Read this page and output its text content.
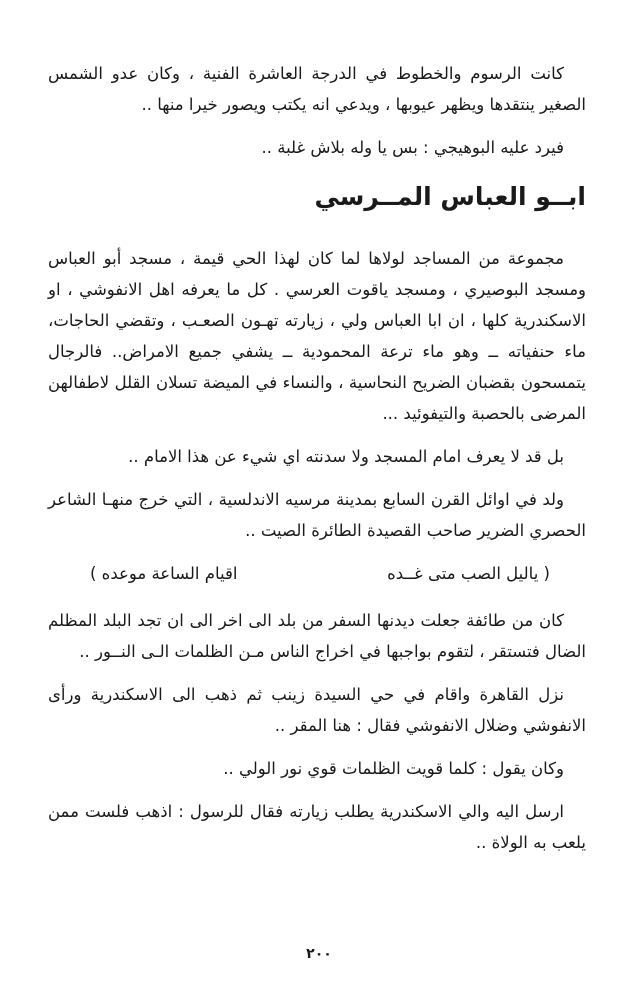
كانت الرسوم والخطوط في الدرجة العاشرة الفنية ، وكان عدو الشمس الصغير ينتقدها ويظهر عيوبها ، ويدعي انه يكتب ويصور خيرا منها ..

فيرد عليه البوهيجي : بس يا وله بلاش غلبة ..

ابــو العباس المــرسي

مجموعة من المساجد لولاها لما كان لهذا الحي قيمة ، مسجد أبو العباس ومسجد البوصيري ، ومسجد ياقوت العرسي . كل ما يعرفه اهل الانفوشي ، او الاسكندرية كلها ، ان ابا العباس ولي ، زيارته تهـون الصعـب ، وتقضي الحاجات، ماء حنفياته ــ وهو ماء ترعة المحمودية ــ يشفي جميع الامراض.. فالرجال يتمسحون بقضبان الضريح النحاسية ، والنساء في الميضة تسلان القلل لاطفالهن المرضى بالحصبة والتيفوئيد ...

بل قد لا يعرف امام المسجد ولا سدنته اي شيء عن هذا الامام ..

ولد في اوائل القرن السابع بمدينة مرسيه الاندلسية ، التي خرج منهـا الشاعر الحصري الضرير صاحب القصيدة الطائرة الصيت ..

( ياليل الصب متى غــده
اقيام الساعة موعده )

كان من طائفة جعلت ديدنها السفر من بلد الى اخر الى ان تجد البلد المظلم الضال فتستقر ، لتقوم بواجبها في اخراج الناس مـن الظلمات الـى النــور ..

نزل القاهرة واقام في حي السيدة زينب ثم ذهب الى الاسكندرية ورأى الانفوشي وضلال الانفوشي فقال : هنا المقر ..

وكان يقول : كلما قويت الظلمات قوي نور الولي ..

ارسل اليه والي الاسكندرية يطلب زيارته فقال للرسول : اذهب فلست ممن يلعب به الولاة ..

٢٠٠
